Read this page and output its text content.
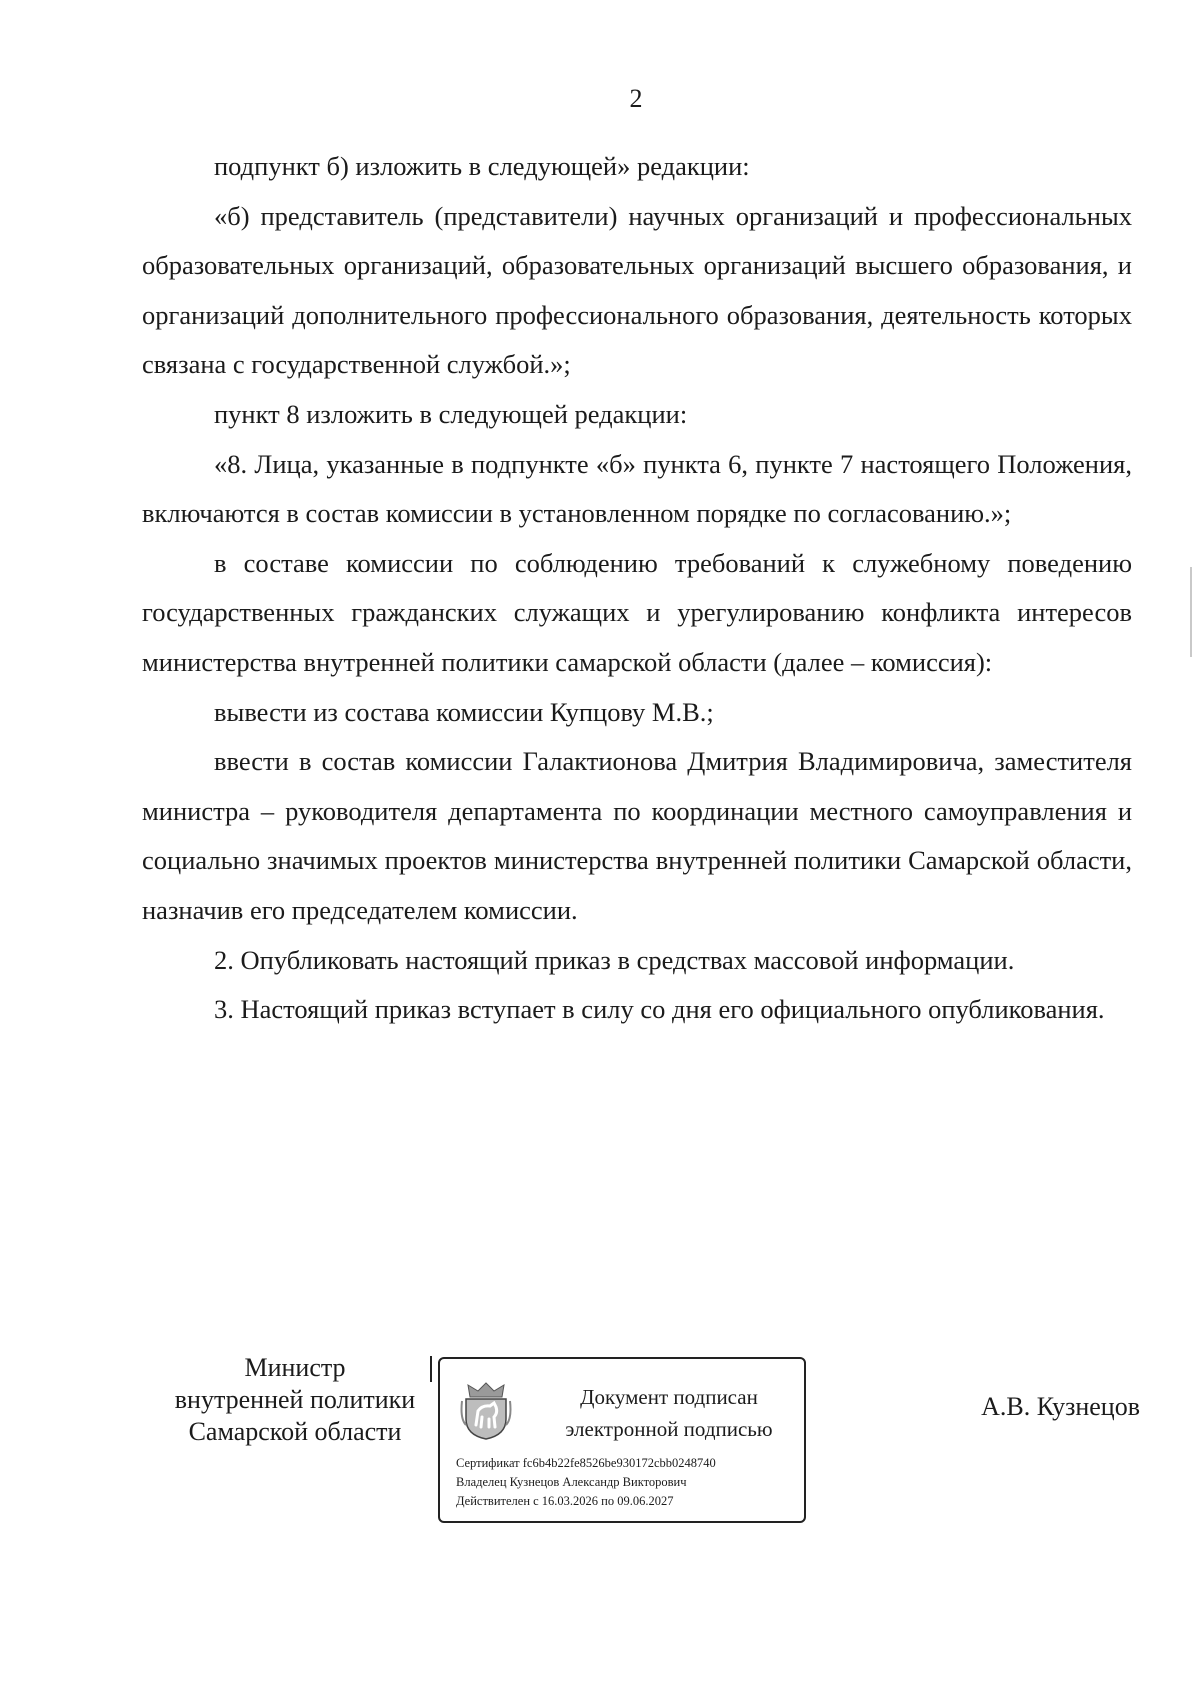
2

подпункт б) изложить в следующей» редакции:

«б) представитель (представители) научных организаций и профессиональных образовательных организаций, образовательных организаций высшего образования, и организаций дополнительного профессионального образования, деятельность которых связана с государственной службой.»;

пункт 8 изложить в следующей редакции:

«8. Лица, указанные в подпункте «б» пункта 6, пункте 7 настоящего Положения, включаются в состав комиссии в установленном порядке по согласованию.»;

в составе комиссии по соблюдению требований к служебному поведению государственных гражданских служащих и урегулированию конфликта интересов министерства внутренней политики самарской области (далее – комиссия):

вывести из состава комиссии Купцову М.В.;

ввести в состав комиссии Галактионова Дмитрия Владимировича, заместителя министра – руководителя департамента по координации местного самоуправления и социально значимых проектов министерства внутренней политики Самарской области, назначив его председателем комиссии.

2. Опубликовать настоящий приказ в средствах массовой информации.

3. Настоящий приказ вступает в силу со дня его официального опубликования.

Министр
внутренней политики
Самарской области
Документ подписан
электронной подписью
Сертификат fc6b4b22fe8526be930172cbb0248740
Владелец Кузнецов Александр Викторович
Действителен с 16.03.2026 по 09.06.2027
А.В. Кузнецов
